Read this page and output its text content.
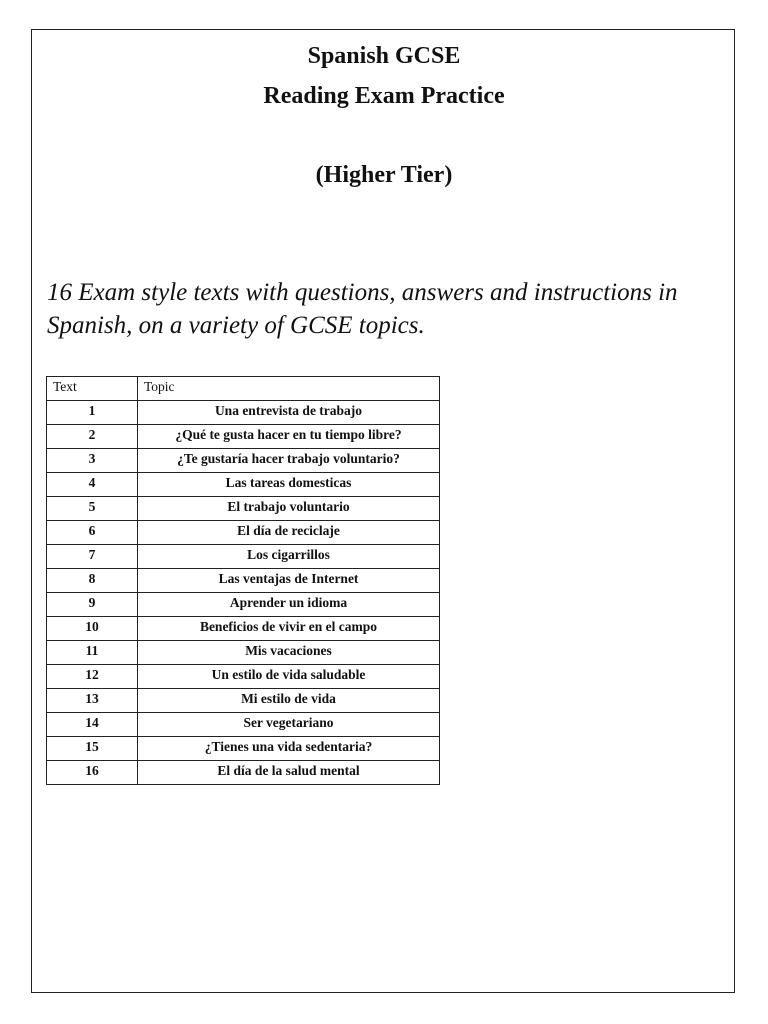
Spanish GCSE
Reading Exam Practice
(Higher Tier)
16 Exam style texts with questions, answers and instructions in Spanish, on a variety of GCSE topics.
Text	Topic
1	Una entrevista de trabajo
2	¿Qué te gusta hacer en tu tiempo libre?
3	¿Te gustaría hacer trabajo voluntario?
4	Las tareas domesticas
5	El trabajo voluntario
6	El día de reciclaje
7	Los cigarrillos
8	Las ventajas de Internet
9	Aprender un idioma
10	Beneficios de vivir en el campo
11	Mis vacaciones
12	Un estilo de vida saludable
13	Mi estilo de vida
14	Ser vegetariano
15	¿Tienes una vida sedentaria?
16	El día de la salud mental
